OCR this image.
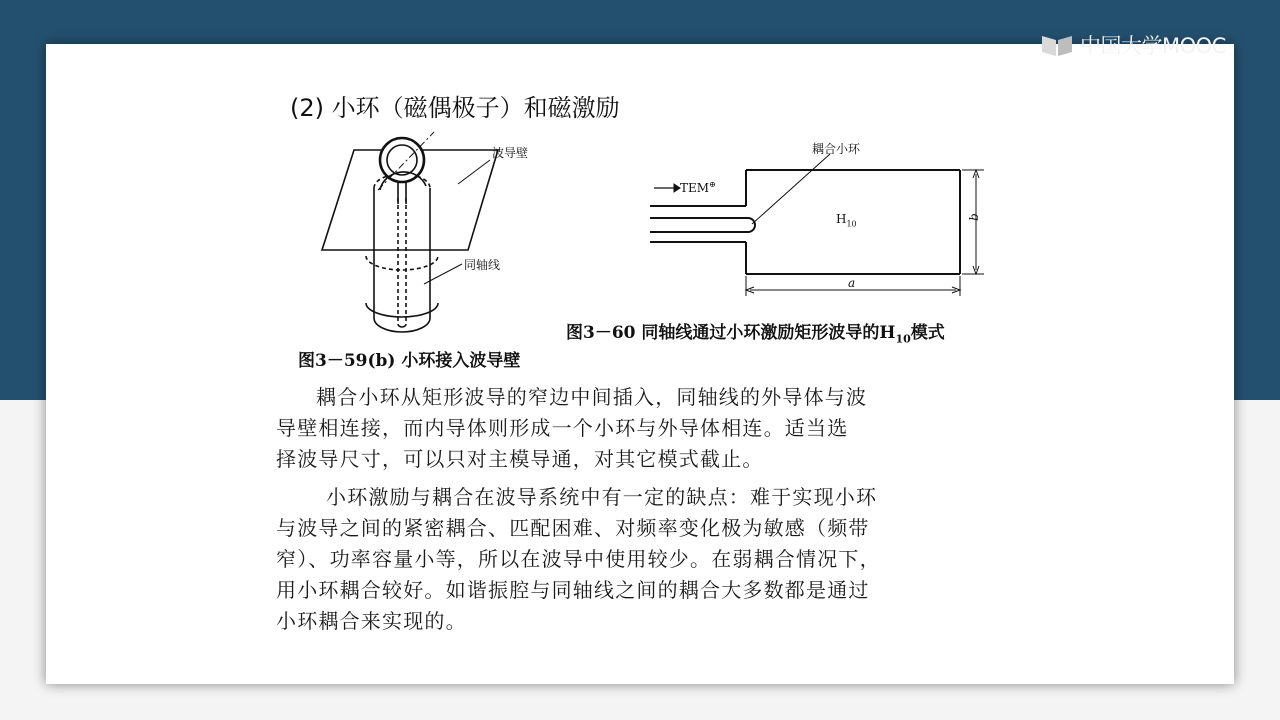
中国大学MOOC
(2) 小环（磁偶极子）和磁激励
波导壁
同轴线
图3－59(b) 小环接入波导壁
耦合小环
TEM⊕
$H_{10}$
b
a
图3－60 同轴线通过小环激励矩形波导的$H_{10}$模式
耦合小环从矩形波导的窄边中间插入，同轴线的外导体与波
导壁相连接，而内导体则形成一个小环与外导体相连。适当选
择波导尺寸，可以只对主模导通，对其它模式截止。
小环激励与耦合在波导系统中有一定的缺点：难于实现小环
与波导之间的紧密耦合、匹配困难、对频率变化极为敏感（频带
窄）、功率容量小等，所以在波导中使用较少。在弱耦合情况下，
用小环耦合较好。如谐振腔与同轴线之间的耦合大多数都是通过
小环耦合来实现的。
